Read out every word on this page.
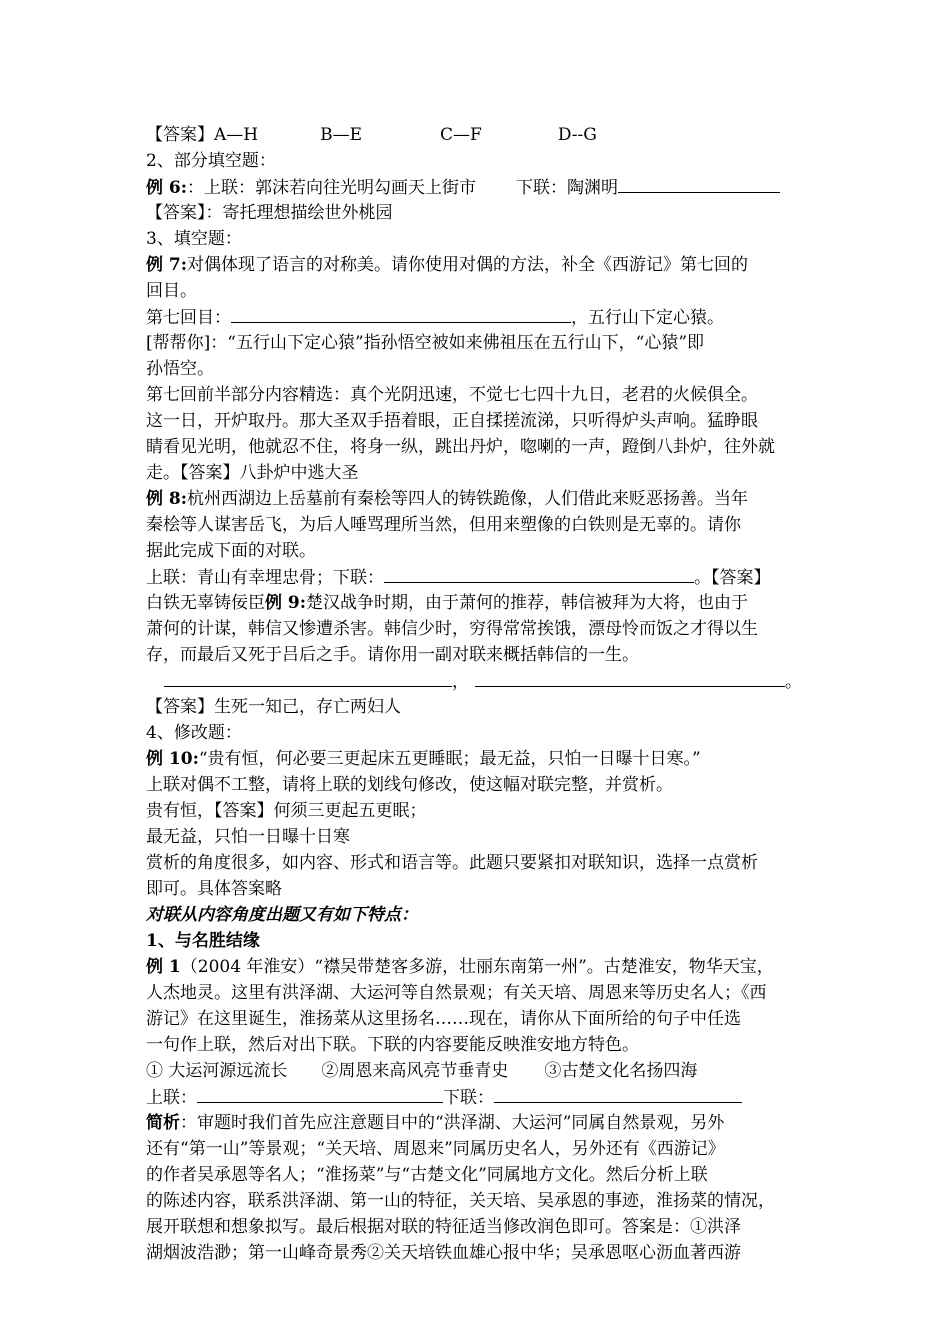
【答案】A—H	B—E	C—F	D--G
2、部分填空题：
例 6:：上联：郭沫若向往光明勾画天上街市 下联：陶渊明
【答案】：寄托理想描绘世外桃园
3、填空题：
例 7:对偶体现了语言的对称美。请你使用对偶的方法，补全《西游记》第七回的
回目。
第七回目：	，五行山下定心猿。
[帮帮你]：“五行山下定心猿”指孙悟空被如来佛祖压在五行山下，“心猿”即
孙悟空。
第七回前半部分内容精选：真个光阴迅速，不觉七七四十九日，老君的火候俱全。
这一日，开炉取丹。那大圣双手捂着眼，正自揉搓流涕，只听得炉头声响。猛睁眼
睛看见光明，他就忍不住，将身一纵，跳出丹炉，唿喇的一声，蹬倒八卦炉，往外就
走。【答案】八卦炉中逃大圣
例 8:杭州西湖边上岳墓前有秦桧等四人的铸铁跪像，人们借此来贬恶扬善。当年
秦桧等人谋害岳飞，为后人唾骂理所当然，但用来塑像的白铁则是无辜的。请你
据此完成下面的对联。
上联：青山有幸埋忠骨；下联：	。【答案】
白铁无辜铸佞臣例 9:楚汉战争时期，由于萧何的推荐，韩信被拜为大将，也由于
萧何的计谋，韩信又惨遭杀害。韩信少时，穷得常常挨饿，漂母怜而饭之才得以生
存，而最后又死于吕后之手。请你用一副对联来概括韩信的一生。
，	。
【答案】生死一知己，存亡两妇人
4、修改题：
例 10:“贵有恒，何必要三更起床五更睡眠；最无益，只怕一日曝十日寒。”
上联对偶不工整，请将上联的划线句修改，使这幅对联完整，并赏析。
贵有恒，【答案】何须三更起五更眠；
最无益，只怕一日曝十日寒
赏析的角度很多，如内容、形式和语言等。此题只要紧扣对联知识，选择一点赏析
即可。具体答案略
对联从内容角度出题又有如下特点：
1、与名胜结缘
例 1（2004 年淮安）“襟吴带楚客多游，壮丽东南第一州”。古楚淮安，物华天宝，
人杰地灵。这里有洪泽湖、大运河等自然景观；有关天培、周恩来等历史名人；《西
游记》在这里诞生，淮扬菜从这里扬名……现在，请你从下面所给的句子中任选
一句作上联，然后对出下联。下联的内容要能反映淮安地方特色。
① 大运河源远流长 ②周恩来高风亮节垂青史 ③古楚文化名扬四海
上联：	下联：
简析：审题时我们首先应注意题目中的“洪泽湖、大运河”同属自然景观，另外
还有“第一山”等景观；“关天培、周恩来”同属历史名人，另外还有《西游记》
的作者吴承恩等名人；“淮扬菜”与“古楚文化”同属地方文化。然后分析上联
的陈述内容，联系洪泽湖、第一山的特征，关天培、吴承恩的事迹，淮扬菜的情况，
展开联想和想象拟写。最后根据对联的特征适当修改润色即可。答案是：①洪泽
湖烟波浩渺；第一山峰奇景秀②关天培铁血雄心报中华；吴承恩呕心沥血著西游
